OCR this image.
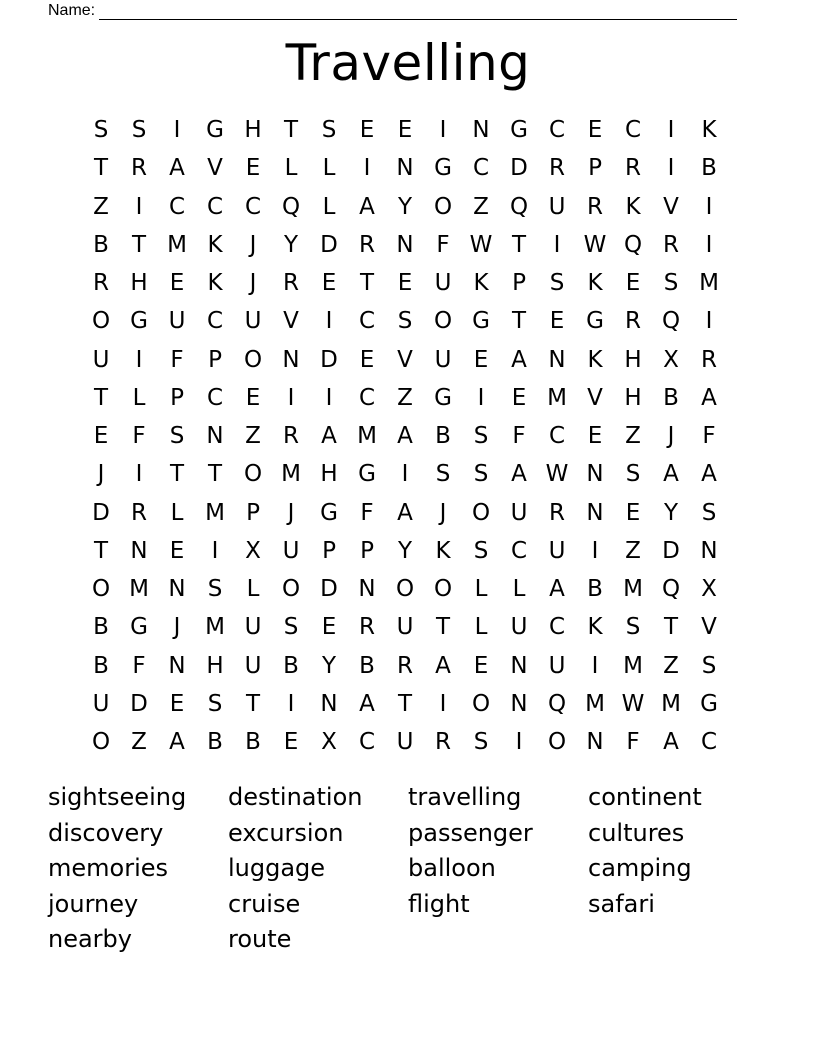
Name:
Travelling
S	S	I	G H T	S	E	E	I	N G C E C	I	K
T R A V E	L	L	I	N G C D R	P	R	I	B
Z	I	C C C Q L	A	Y O Z Q U R K V	I
B	T M K	J	Y D R N F W T	I	W Q R	I
R H E	K	J	R E	T	E U K	P	S	K	E	S M
O G U C U V	I	C S O G T	E G R Q	I
U	I	F	P O N D E V U E A N K H X R
T	L	P	C E	I	I	C Z G	I	E M V H B A
E	F	S N Z R A M A B S	F	C E Z	J	F
J	I	T	T O M H G	I	S	S A W N S A A
D R	L M P	J	G F	A	J	O U R N E	Y	S
T N E	I	X U P	P	Y	K	S C U	I	Z D N
O M N S	L O D N O O L	L	A B M Q X
B G	J	M U S	E R U T	L	U C K	S	T	V
B	F N H U B	Y	B R A E N U	I	M Z S
U D E	S	T	I	N A	T	I	O N Q M W M G
O Z A B B E X C U R S	I	O N F	A C
sightseeing	destination	travelling	continent
discovery	excursion	passenger	cultures
memories	luggage	balloon	camping
journey	cruise	flight	safari
nearby	route
